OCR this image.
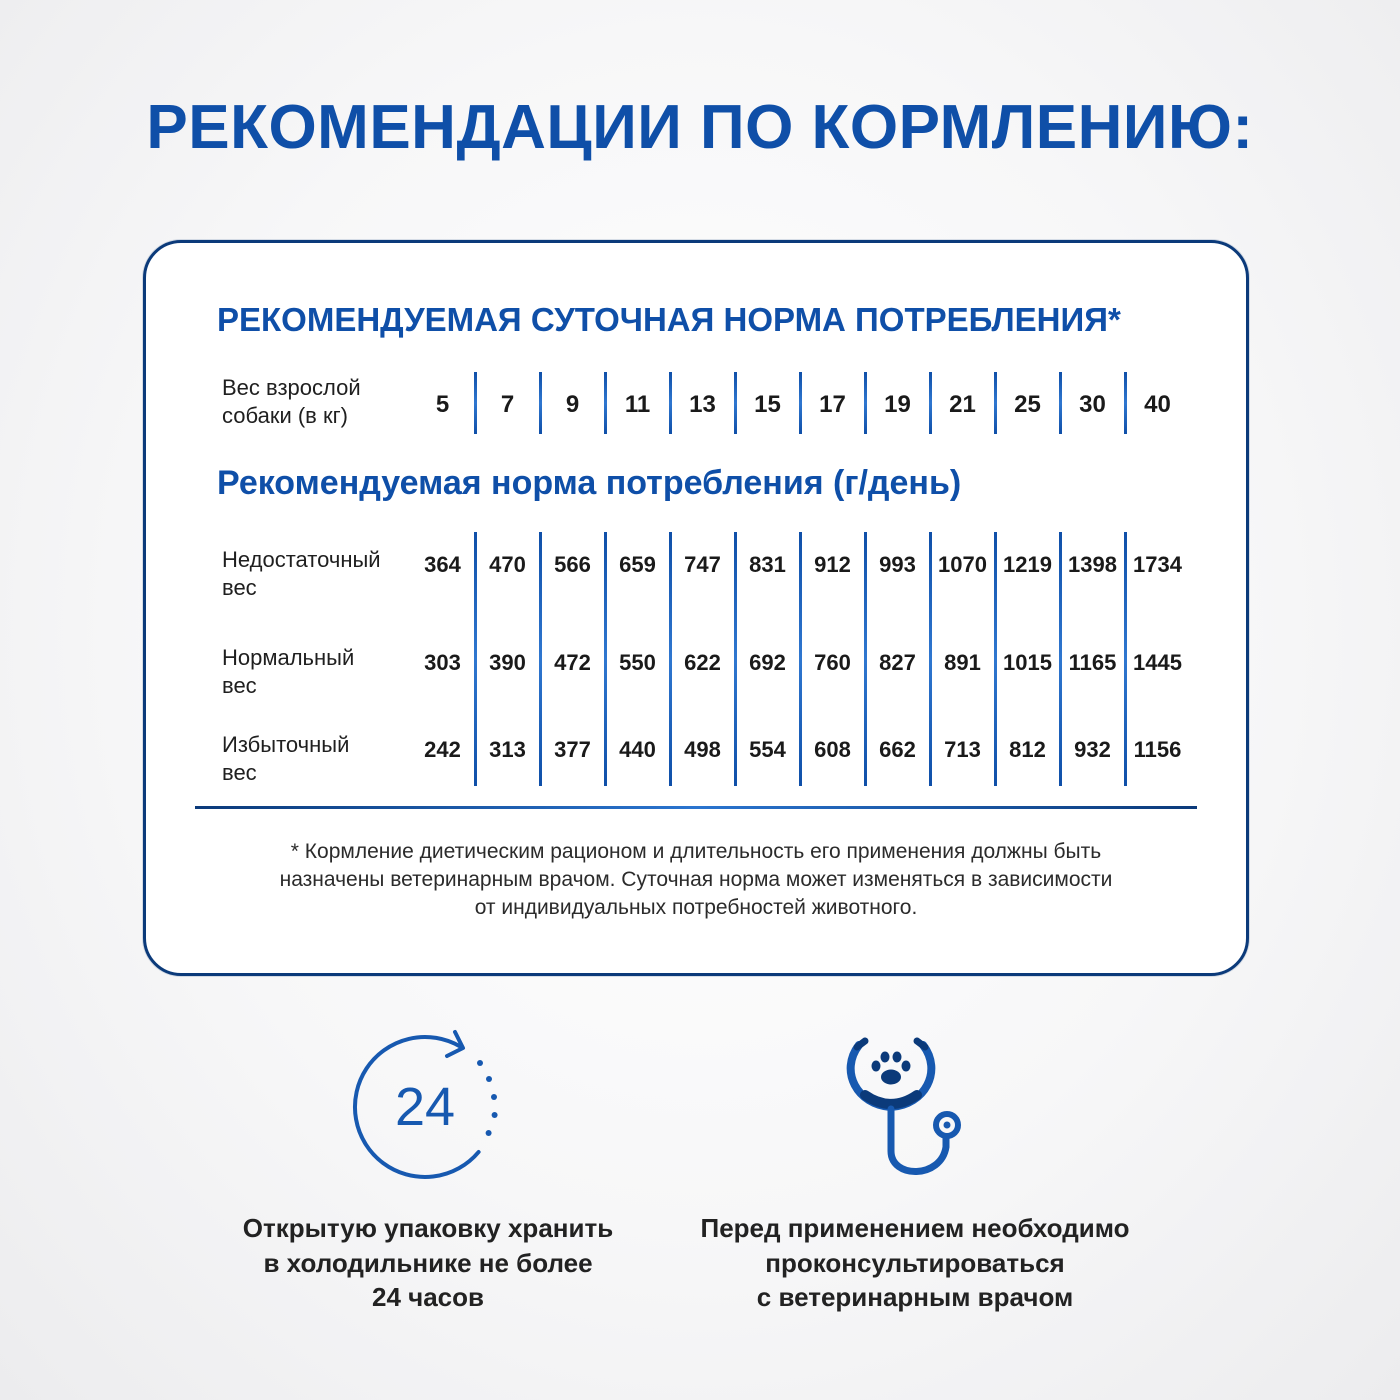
РЕКОМЕНДАЦИИ ПО КОРМЛЕНИЮ:
РЕКОМЕНДУЕМАЯ СУТОЧНАЯ НОРМА ПОТРЕБЛЕНИЯ*
Вес взрослой
собаки (в кг)	5	7	9	11	13	15	17	19	21	25	30	40
Рекомендуемая норма потребления (г/день)
Недостаточный
вес
364	470	566	659	747	831	912	993	1070 1219 1398 1734
Нормальный
вес
303	390	472	550	622	692	760	827	891	1015 1165 1445
Избыточный
вес
242	313	377	440	498	554	608	662	713	812	932	1156
* Кормление диетическим рационом и длительность его применения должны быть
назначены ветеринарным врачом. Суточная норма может изменяться в зависимости
от индивидуальных потребностей животного.
24
Открытую упаковку хранить
в холодильнике не более
24 часов
Перед применением необходимо
проконсультироваться
с ветеринарным врачом
